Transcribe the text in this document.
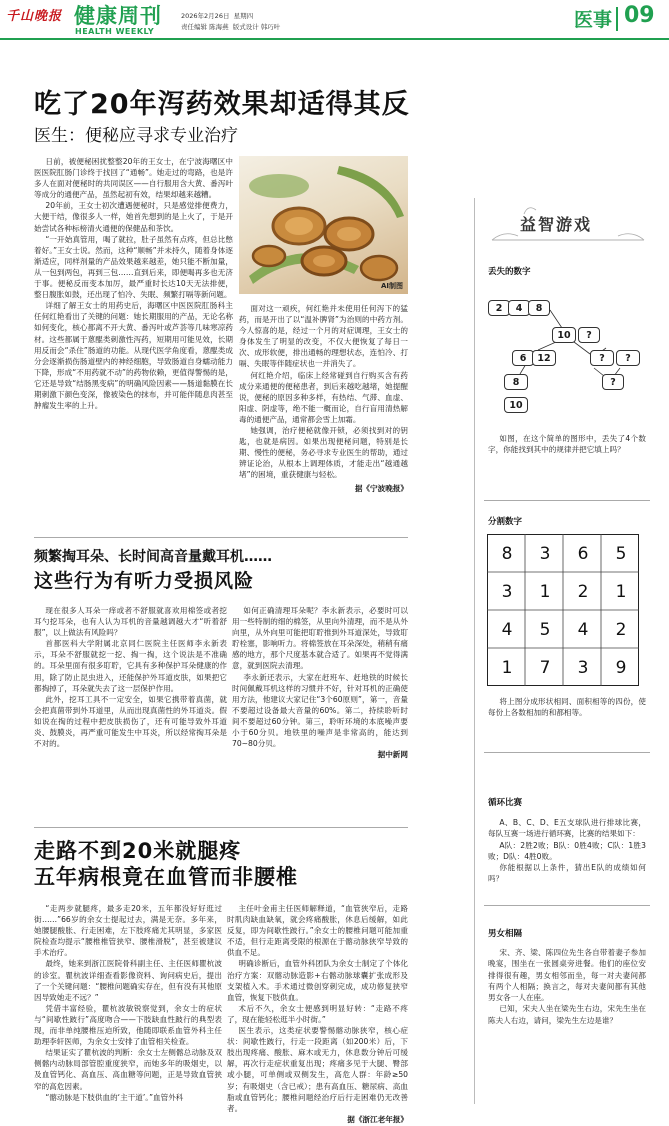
千山晚报 健康周刊
HEALTH WEEKLY
2026年2月26日 星期四
责任编辑 陈海燕 版式设计 韩巧叶	医事 09
吃了20年泻药效果却适得其反
医生：便秘应寻求专业治疗

日前，被便秘困扰整整20年的王女士，在宁波海曙区中医医院肛肠门诊终于找回了“通畅”。她走过的弯路，也是许多人在面对便秘时的共同误区——自行服用含大黄、番泻叶等成分的通便产品，虽然起初有效，结果却越来越糟。

20年前，王女士初次遭遇便秘时，只是感觉排便费力，大便干结，像很多人一样，她首先想到的是上火了，于是开始尝试各种标榜清火通便的保健品和茶饮。

“一开始真管用，喝了就拉，肚子虽然有点疼，但总比憋着好。”王女士说。然而，这种“顺畅”并未持久，随着身体逐渐适应，同样剂量的产品效果越来越差，她只能不断加量，从一包到两包，再到三包……直到后来，即便喝再多也无济于事。便秘反而变本加厉，最严重时长达10天无法排便，整日腹胀如鼓，还出现了怕冷、失眠、频繁打嗝等新问题。

详细了解王女士的用药史后，海曙区中医医院肛肠科主任何红艳看出了关键的问题：她长期服用的产品，无论名称如何变化，核心都离不开大黄、番泻叶或芦荟等几味寒凉药材。这些都属于蒽醌类刺激性泻药，短期用可能见效，长期用反而会“杀住”肠道的功能。从现代医学角度看，蒽醌类成分会逐渐损伤肠道壁内的神经细胞，导致肠道自身蠕动能力下降，形成“不用药就不动”的药物依赖，更值得警惕的是，它还是导致“结肠黑变病”的明确风险因素——肠道黏膜在长期刺激下颜色变深，像被染色的抹布，并可能伴随息肉甚至肿瘤发生率的上升。

AI制图

面对这一顽疾，何红艳并未使用任何泻下的猛药，而是开出了以“温补脾肾”为治则的中药方剂。今人惊喜的是，经过一个月的对症调理，王女士的身体发生了明显的改变，不仅大便恢复了每日一次、成形软便，排出通畅的理想状态，连怕冷、打嗝、失眠等伴随症状也一并消失了。

何红艳介绍，临床上经常碰到自行购买含有药成分来通便的便秘患者，到后来越吃越堵，她提醒说，便秘的原因多种多样，有热结、气滞、血虚、阳虚、阴虚等，绝不能一概而论，自行盲用清热解毒的通便产品，通常都会雪上加霜。

她强调，治疗便秘就像开锁，必须找到对的钥匙，也就是病因。如果出现便秘问题，特别是长期、慢性的便秘，务必寻求专业医生的帮助，通过辨证论治，从根本上调理体质，才能走出“越通越堵”的困境，重获健康与轻松。

据《宁波晚报》
频繁掏耳朵、长时间高音量戴耳机……
这些行为有听力受损风险

现在很多人耳朵一痒或者不舒服就喜欢用棉签或者挖耳勺挖耳朵，也有人认为耳机的音量越调越大才“听着舒服”，以上做法有风险吗？

首都医科大学附属北京同仁医院主任医师李永新表示，耳朵不舒服就挖一挖、掏一掏，这个说法是不准确的。耳朵里面有很多耵聍，它具有多种保护耳朵健康的作用，除了防止昆虫进入，还能保护外耳道皮肤，如果把它都掏掉了，耳朵就失去了这一层保护作用。

此外，挖耳工具不一定安全，如果它携带着真菌，就会把真菌带到外耳道里，从而出现真菌性的外耳道炎。假如说在掏的过程中把皮肤损伤了，还有可能导致外耳道炎、鼓膜炎，再严重可能发生中耳炎，所以经常掏耳朵是不对的。

如何正确清理耳朵呢？李永新表示，必要时可以用一些特制的细的棉签，从里向外清理，而不是从外向里，从外向里可能把耵聍推到外耳道深处，导致耵聍栓塞，影响听力。将棉签放在耳朵深处，稍稍有痛感的地方，那个尺度基本就合适了。如果再不觉得满意，就到医院去清理。

李永新还表示，大家在赶班车、赶地铁的时候长时间佩戴耳机这样的习惯并不好，针对耳机的正确使用方法，他建议大家记住“3个60原则”，第一，音量不要超过设备最大音量的60%。第二，持续聆听时间不要超过60分钟。第三，聆听环境的本底噪声要小于60分贝。地铁里的噪声是非常高的，能达到70~80分贝。

据中新网
走路不到20米就腿疼
五年病根竟在血管而非腰椎

“走两步就腿疼，最多走20米，五年都没好好逛过街……”66岁的余女士提起过去，满是无奈。多年来，她腰腿酸胀、行走困难，左下肢疼痛尤其明显，多家医院检查均提示“腰椎椎管狭窄、腰椎滑脱”，甚至被建议手术治疗。

最终，她来到浙江医院骨科副主任、主任医师瞿杭波的诊室。瞿杭波详细查看影像资料、询问病史后，提出了一个关键问题：“腰椎问题确实存在，但有没有其他原因导致她走不远？”

凭借丰富经验，瞿杭波敏锐察觉到，余女士的症状与“间歇性跛行”高度吻合——下肢缺血性跛行的典型表现，而非单纯腰椎压迫所致，他随即联系血管外科主任助理李轩医师，为余女士安排了血管相关检查。

结果证实了瞿杭波的判断：余女士左侧髂总动脉及双侧髂内动脉局部管腔重度狭窄，而她多年的吸烟史，以及血管钙化、高血压、高血糖等问题，正是导致血管狭窄的高危因素。

“髂动脉是下肢供血的‘主干道’。”血管外科

主任叶金甫主任医师解释道，“血管狭窄后，走路时肌肉缺血缺氧，就会疼痛酸胀，休息后缓解，如此反复，即为间歇性跛行。”余女士的腰椎问题可能加重不适，但行走距离受限的根源在于髂动脉狭窄导致的供血不足。

明确诊断后，血管外科团队为余女士制定了个体化治疗方案：双髂动脉造影+右髂动脉球囊扩张成形及支架植入术。手术通过微创穿刺完成，成功修复狭窄血管，恢复下肢供血。

术后不久，余女士便感到明显好转：“走路不疼了，现在能轻松逛半小时街。”

医生表示，这类症状要警惕髂动脉狭窄，核心症状：间歇性跛行，行走一段距离（如200米）后，下肢出现疼痛、酸胀、麻木或无力，休息数分钟后可缓解，再次行走症状重复出现；疼痛多见于大腿、臀部或小腿，可单侧或双侧发生，高危人群：年龄≥50岁；有吸烟史（含已戒）；患有高血压、糖尿病、高血脂或血管钙化；腰椎问题经治疗后行走困难仍无改善者。

据《浙江老年报》
益智游戏
丢失的数字
2	4	8
10	?
6	12	?	?
8	?
10
如图，在这个简单的图形中，丢失了4个数字，你能找到其中的规律并把它填上吗？
分割数字
8	3	6	5
3	1	2	1
4	5	4	2
1	7	3	9
将上图分成形状相同、面积相等的四份，使每份上各数相加的和都相等。
循环比赛

A、B、C、D、E五支球队进行排球比赛，每队互赛一场进行循环赛，比赛的结果如下：

A队：2胜2败；B队：0胜4败；C队：1胜3败；D队：4胜0败。

你能根据以上条件，猜出E队的成绩如何吗？

男女相隔

宋、齐、梁、陈四位先生各自带着妻子参加晚宴，围坐在一张圆桌旁进餐。他们的座位安排得很有趣，男女相邻而坐，每一对夫妻间都有两个人相隔；换言之，每对夫妻间都有其他男女各一人在座。

已知，宋夫人坐在梁先生右边，宋先生坐在陈夫人右边，请问，梁先生左边是谁？
